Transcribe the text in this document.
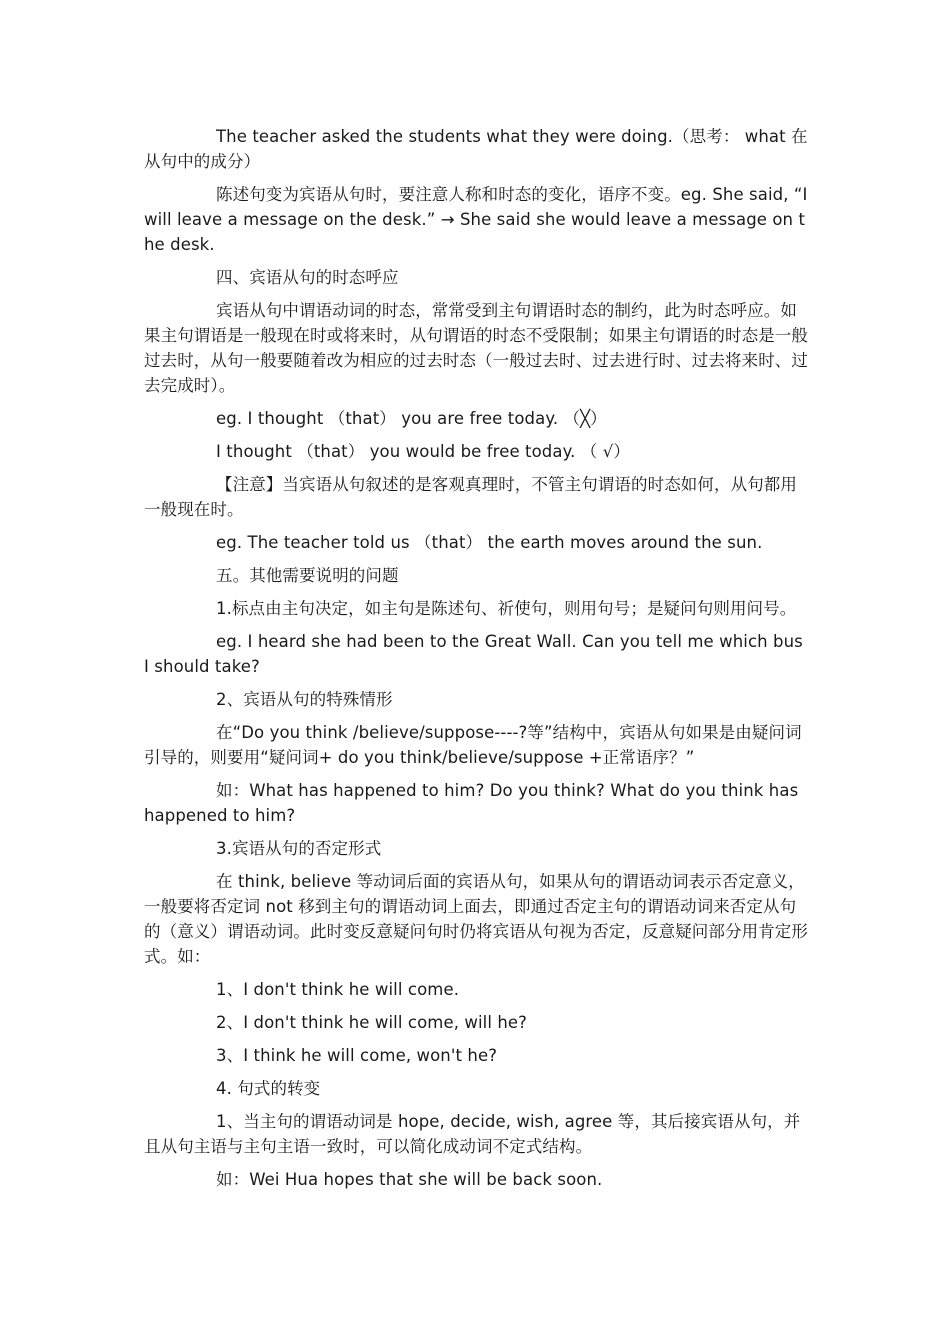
The teacher asked the students what they were doing.（思考： what 在从句中的成分）

陈述句变为宾语从句时，要注意人称和时态的变化，语序不变。eg. She said, “I will leave a message on the desk.” → She said she would leave a message on the desk.

四、宾语从句的时态呼应

宾语从句中谓语动词的时态，常常受到主句谓语时态的制约，此为时态呼应。如果主句谓语是一般现在时或将来时，从句谓语的时态不受限制；如果主句谓语的时态是一般过去时，从句一般要随着改为相应的过去时态（一般过去时、过去进行时、过去将来时、过去完成时）。

eg. I thought （that） you are free today. （╳）

I thought （that） you would be free today. （ √）

【注意】当宾语从句叙述的是客观真理时，不管主句谓语的时态如何，从句都用一般现在时。

eg. The teacher told us （that） the earth moves around the sun.

五。其他需要说明的问题

1.标点由主句决定，如主句是陈述句、祈使句，则用句号；是疑问句则用问号。

eg. I heard she had been to the Great Wall. Can you tell me which bus I should take?

2、宾语从句的特殊情形

在“Do you think /believe/suppose----?等”结构中，宾语从句如果是由疑问词引导的，则要用“疑问词+ do you think/believe/suppose +正常语序？”

如：What has happened to him? Do you think? What do you think has happened to him?

3.宾语从句的否定形式

在 think, believe 等动词后面的宾语从句，如果从句的谓语动词表示否定意义，一般要将否定词 not 移到主句的谓语动词上面去，即通过否定主句的谓语动词来否定从句的（意义）谓语动词。此时变反意疑问句时仍将宾语从句视为否定，反意疑问部分用肯定形式。如：

1、I don't think he will come.

2、I don't think he will come, will he?

3、I think he will come, won't he?

4. 句式的转变

1、当主句的谓语动词是 hope, decide, wish, agree 等，其后接宾语从句，并且从句主语与主句主语一致时，可以简化成动词不定式结构。

如：Wei Hua hopes that she will be back soon.
